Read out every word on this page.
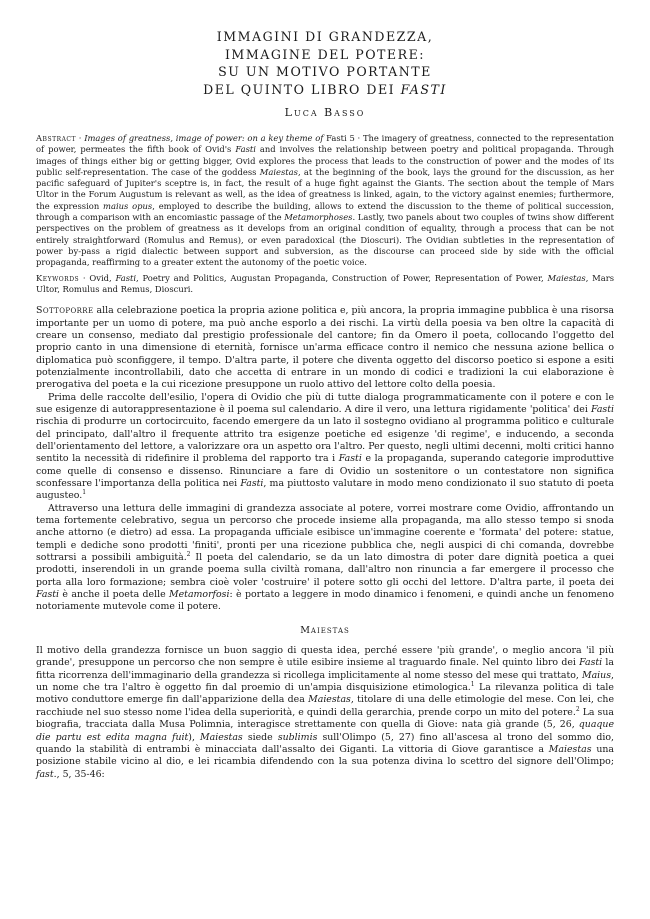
IMMAGINI DI GRANDEZZA,
IMMAGINE DEL POTERE:
SU UN MOTIVO PORTANTE
DEL QUINTO LIBRO DEI FASTI
Luca Basso

Abstract · Images of greatness, image of power: on a key theme of Fasti 5 · The imagery of greatness, connected to the representation of power, permeates the fifth book of Ovid's Fasti and involves the relationship between poetry and political propaganda. Through images of things either big or getting bigger, Ovid explores the process that leads to the construction of power and the modes of its public self-representation. The case of the goddess Maiestas, at the beginning of the book, lays the ground for the discussion, as her pacific safeguard of Jupiter's sceptre is, in fact, the result of a huge fight against the Giants. The section about the temple of Mars Ultor in the Forum Augustum is relevant as well, as the idea of greatness is linked, again, to the victory against enemies; furthermore, the expression maius opus, employed to describe the building, allows to extend the discussion to the theme of political succession, through a comparison with an encomiastic passage of the Metamorphoses. Lastly, two panels about two couples of twins show different perspectives on the problem of greatness as it develops from an original condition of equality, through a process that can be not entirely straightforward (Romulus and Remus), or even paradoxical (the Dioscuri). The Ovidian subtleties in the representation of power by-pass a rigid dialectic between support and subversion, as the discourse can proceed side by side with the official propaganda, reaffirming to a greater extent the autonomy of the poetic voice.

Keywords · Ovid, Fasti, Poetry and Politics, Augustan Propaganda, Construction of Power, Representation of Power, Maiestas, Mars Ultor, Romulus and Remus, Dioscuri.

Sottoporre alla celebrazione poetica la propria azione politica e, più ancora, la propria immagine pubblica è una risorsa importante per un uomo di potere, ma può anche esporlo a dei rischi. La virtù della poesia va ben oltre la capacità di creare un consenso, mediato dal prestigio professionale del cantore; fin da Omero il poeta, collocando l'oggetto del proprio canto in una dimensione di eternità, fornisce un'arma efficace contro il nemico che nessuna azione bellica o diplomatica può sconfiggere, il tempo. D'altra parte, il potere che diventa oggetto del discorso poetico si espone a esiti potenzialmente incontrollabili, dato che accetta di entrare in un mondo di codici e tradizioni la cui elaborazione è prerogativa del poeta e la cui ricezione presuppone un ruolo attivo del lettore colto della poesia.

Prima delle raccolte dell'esilio, l'opera di Ovidio che più di tutte dialoga programmaticamente con il potere e con le sue esigenze di autorappresentazione è il poema sul calendario. A dire il vero, una lettura rigidamente 'politica' dei Fasti rischia di produrre un cortocircuito, facendo emergere da un lato il sostegno ovidiano al programma politico e culturale del principato, dall'altro il frequente attrito tra esigenze poetiche ed esigenze 'di regime', e inducendo, a seconda dell'orientamento del lettore, a valorizzare ora un aspetto ora l'altro. Per questo, negli ultimi decenni, molti critici hanno sentito la necessità di ridefinire il problema del rapporto tra i Fasti e la propaganda, superando categorie improduttive come quelle di consenso e dissenso. Rinunciare a fare di Ovidio un sostenitore o un contestatore non significa sconfessare l'importanza della politica nei Fasti, ma piuttosto valutare in modo meno condizionato il suo statuto di poeta augusteo.$^1$

Attraverso una lettura delle immagini di grandezza associate al potere, vorrei mostrare come Ovidio, affrontando un tema fortemente celebrativo, segua un percorso che procede insieme alla propaganda, ma allo stesso tempo si snoda anche attorno (e dietro) ad essa. La propaganda ufficiale esibisce un'immagine coerente e 'formata' del potere: statue, templi e dediche sono prodotti 'finiti', pronti per una ricezione pubblica che, negli auspici di chi comanda, dovrebbe sottrarsi a possibili ambiguità.$^2$ Il poeta del calendario, se da un lato dimostra di poter dare dignità poetica a quei prodotti, inserendoli in un grande poema sulla civiltà romana, dall'altro non rinuncia a far emergere il processo che porta alla loro formazione; sembra cioè voler 'costruire' il potere sotto gli occhi del lettore. D'altra parte, il poeta dei Fasti è anche il poeta delle Metamorfosi: è portato a leggere in modo dinamico i fenomeni, e quindi anche un fenomeno notoriamente mutevole come il potere.

Maiestas

Il motivo della grandezza fornisce un buon saggio di questa idea, perché essere 'più grande', o meglio ancora 'il più grande', presuppone un percorso che non sempre è utile esibire insieme al traguardo finale. Nel quinto libro dei Fasti la fitta ricorrenza dell'immaginario della grandezza si ricollega implicitamente al nome stesso del mese qui trattato, Maius, un nome che tra l'altro è oggetto fin dal proemio di un'ampia disquisizione etimologica.$^1$ La rilevanza politica di tale motivo conduttore emerge fin dall'apparizione della dea Maiestas, titolare di una delle etimologie del mese. Con lei, che racchiude nel suo stesso nome l'idea della superiorità, e quindi della gerarchia, prende corpo un mito del potere.$^2$ La sua biografia, tracciata dalla Musa Polimnia, interagisce strettamente con quella di Giove: nata già grande (5, 26, quaque die partu est edita magna fuit), Maiestas siede sublimis sull'Olimpo (5, 27) fino all'ascesa al trono del sommo dio, quando la stabilità di entrambi è minacciata dall'assalto dei Giganti. La vittoria di Giove garantisce a Maiestas una posizione stabile vicino al dio, e lei ricambia difendendo con la sua potenza divina lo scettro del signore dell'Olimpo; fast., 5, 35-46:
